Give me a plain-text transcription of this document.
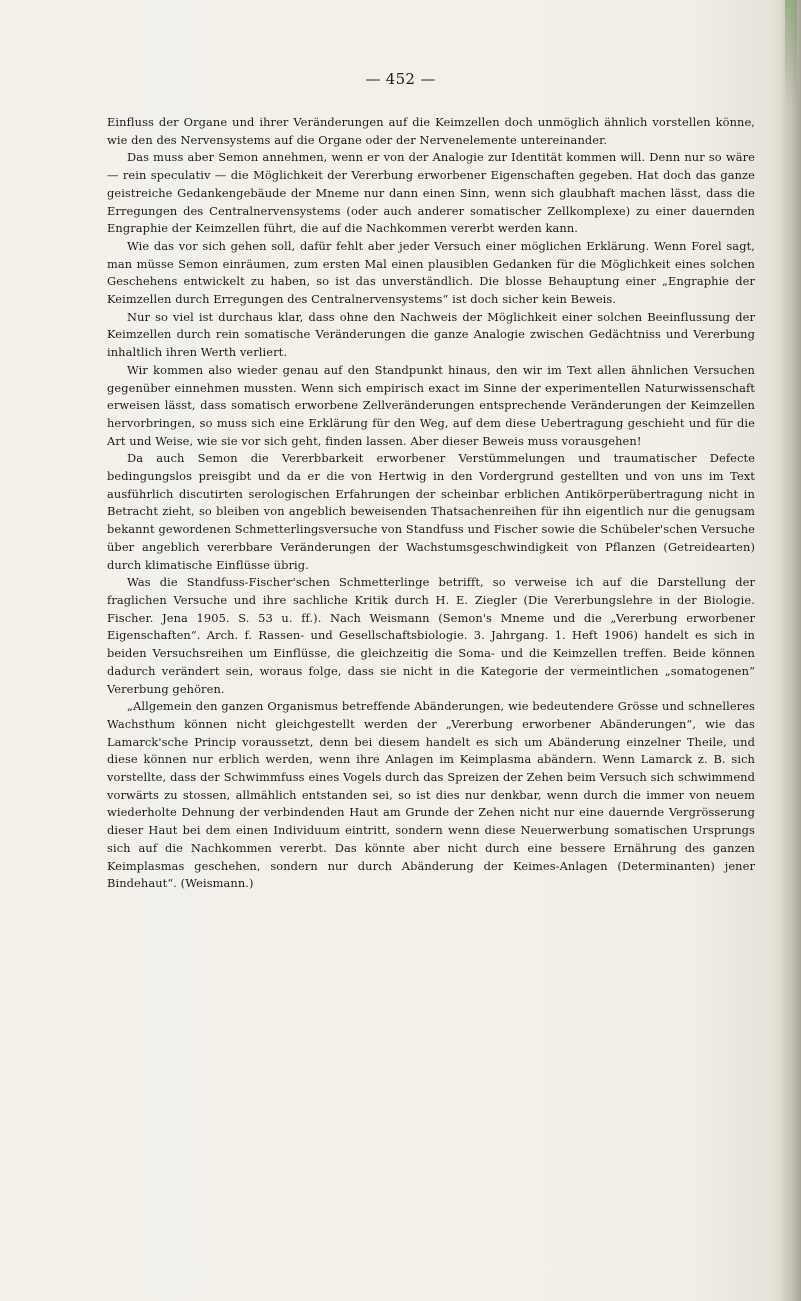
— 452 —

Einfluss der Organe und ihrer Veränderungen auf die Keimzellen doch unmöglich ähnlich vorstellen könne, wie den des Nervensystems auf die Organe oder der Nervenelemente untereinander.

Das muss aber Semon annehmen, wenn er von der Analogie zur Identität kommen will. Denn nur so wäre — rein speculativ — die Möglichkeit der Vererbung erworbener Eigenschaften gegeben. Hat doch das ganze geistreiche Gedankengebäude der Mneme nur dann einen Sinn, wenn sich glaubhaft machen lässt, dass die Erregungen des Centralnervensystems (oder auch anderer somatischer Zellkomplexe) zu einer dauernden Engraphie der Keimzellen führt, die auf die Nachkommen vererbt werden kann.

Wie das vor sich gehen soll, dafür fehlt aber jeder Versuch einer möglichen Erklärung. Wenn Forel sagt, man müsse Semon einräumen, zum ersten Mal einen plausiblen Gedanken für die Möglichkeit eines solchen Geschehens entwickelt zu haben, so ist das unverständlich. Die blosse Behauptung einer „Engraphie der Keimzellen durch Erregungen des Centralnervensystems“ ist doch sicher kein Beweis.

Nur so viel ist durchaus klar, dass ohne den Nachweis der Möglichkeit einer solchen Beeinflussung der Keimzellen durch rein somatische Veränderungen die ganze Analogie zwischen Gedächtniss und Vererbung inhaltlich ihren Werth verliert.

Wir kommen also wieder genau auf den Standpunkt hinaus, den wir im Text allen ähnlichen Versuchen gegenüber einnehmen mussten. Wenn sich empirisch exact im Sinne der experimentellen Naturwissenschaft erweisen lässt, dass somatisch erworbene Zellveränderungen entsprechende Veränderungen der Keimzellen hervorbringen, so muss sich eine Erklärung für den Weg, auf dem diese Uebertragung geschieht und für die Art und Weise, wie sie vor sich geht, finden lassen. Aber dieser Beweis muss vorausgehen!

Da auch Semon die Vererbbarkeit erworbener Verstümmelungen und traumatischer Defecte bedingungslos preisgibt und da er die von Hertwig in den Vordergrund gestellten und von uns im Text ausführlich discutirten serologischen Erfahrungen der scheinbar erblichen Antikörperübertragung nicht in Betracht zieht, so bleiben von angeblich beweisenden Thatsachenreihen für ihn eigentlich nur die genugsam bekannt gewordenen Schmetterlingsversuche von Standfuss und Fischer sowie die Schübeler'schen Versuche über angeblich vererbbare Veränderungen der Wachstumsgeschwindigkeit von Pflanzen (Getreidearten) durch klimatische Einflüsse übrig.

Was die Standfuss-Fischer'schen Schmetterlinge betrifft, so verweise ich auf die Darstellung der fraglichen Versuche und ihre sachliche Kritik durch H. E. Ziegler (Die Vererbungslehre in der Biologie. Fischer. Jena 1905. S. 53 u. ff.). Nach Weismann (Semon's Mneme und die „Vererbung erworbener Eigenschaften“. Arch. f. Rassen- und Gesellschaftsbiologie. 3. Jahrgang. 1. Heft 1906) handelt es sich in beiden Versuchsreihen um Einflüsse, die gleichzeitig die Soma- und die Keimzellen treffen. Beide können dadurch verändert sein, woraus folge, dass sie nicht in die Kategorie der vermeintlichen „somatogenen“ Vererbung gehören.

„Allgemein den ganzen Organismus betreffende Abänderungen, wie bedeutendere Grösse und schnelleres Wachsthum können nicht gleichgestellt werden der „Vererbung erworbener Abänderungen“, wie das Lamarck'sche Princip voraussetzt, denn bei diesem handelt es sich um Abänderung einzelner Theile, und diese können nur erblich werden, wenn ihre Anlagen im Keimplasma abändern. Wenn Lamarck z. B. sich vorstellte, dass der Schwimmfuss eines Vogels durch das Spreizen der Zehen beim Versuch sich schwimmend vorwärts zu stossen, allmählich entstanden sei, so ist dies nur denkbar, wenn durch die immer von neuem wiederholte Dehnung der verbindenden Haut am Grunde der Zehen nicht nur eine dauernde Vergrösserung dieser Haut bei dem einen Individuum eintritt, sondern wenn diese Neuerwerbung somatischen Ursprungs sich auf die Nachkommen vererbt. Das könnte aber nicht durch eine bessere Ernährung des ganzen Keimplasmas geschehen, sondern nur durch Abänderung der Keimes-Anlagen (Determinanten) jener Bindehaut“. (Weismann.)
